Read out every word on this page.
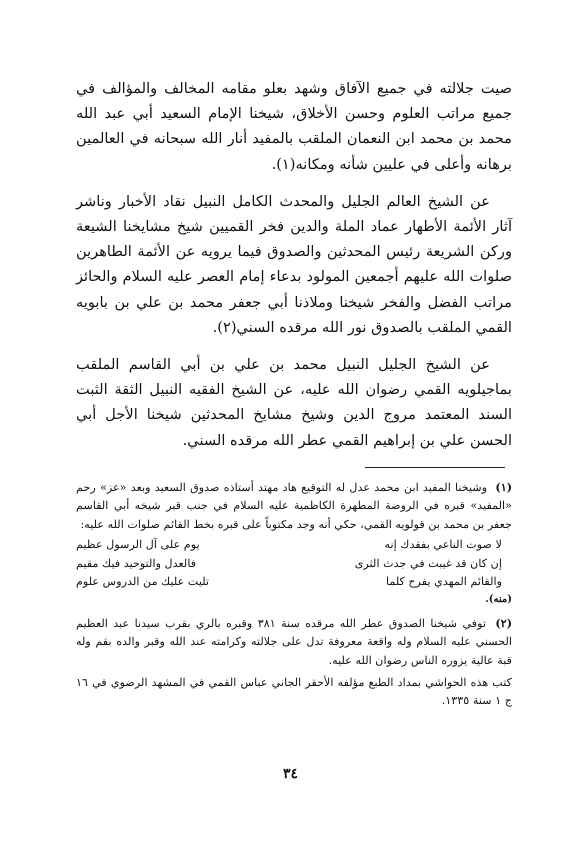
صيت جلالته في جميع الآفاق وشهد بعلو مقامه المخالف والمؤالف في جميع مراتب العلوم وحسن الأخلاق، شيخنا الإمام السعيد أبي عبد الله محمد بن محمد ابن النعمان الملقب بالمفيد أنار الله سبحانه في العالمين برهانه وأعلى في عليين شأنه ومكانه(١).

عن الشيخ العالم الجليل والمحدث الكامل النبيل نقاد الأخبار وناشر آثار الأئمة الأطهار عماد الملة والدين فخر القميين شيخ مشايخنا الشيعة وركن الشريعة رئيس المحدثين والصدوق فيما يرويه عن الأئمة الطاهرين صلوات الله عليهم أجمعين المولود بدعاء إمام العصر عليه السلام والحائز مراتب الفضل والفخر شيخنا وملاذنا أبي جعفر محمد بن علي بن بابويه القمي الملقب بالصدوق نور الله مرقده السني(٢).

عن الشيخ الجليل النبيل محمد بن علي بن أبي القاسم الملقب بماجيلويه القمي رضوان الله عليه، عن الشيخ الفقيه النبيل الثقة الثبت السند المعتمد مروج الدين وشيخ مشايخ المحدثين شيخنا الأجل أبي الحسن علي بن إبراهيم القمي عطر الله مرقده السني.

(١) وشيخنا المفيد ابن محمد عدل له التوقيع هاد مهتد أستاذه صدوق السعيد وبعد «عز» رحم «المفيد» قبره في الروضة المطهرة الكاظمية عليه السلام في جنب قبر شيخه أبي القاسم جعفر بن محمد بن قولويه القمي، حكي أنه وجد مكتوباً على قبره بخط القائم صلوات الله عليه:
لا صوت الناعي بفقدك إنه
يوم على آل الرسول عظيم
إن كان قد غيبت في جدث الثرى
فالعدل والتوحيد فيك مقيم
والقائم المهدي يفرح كلما
تليت عليك من الدروس علوم
(منه).
(٢) توفي شيخنا الصدوق عطر الله مرقده سنة ٣٨١ وقبره بالري بقرب سيدنا عبد العظيم الحسني عليه السلام وله واقعة معروفة تدل على جلالته وكرامته عند الله وقبر والده بقم وله قبة عالية يزوره الناس رضوان الله عليه.
كتب هذه الحواشي بمداد الطبع مؤلفه الأحقر الجاني عباس القمي في المشهد الرضوي في ١٦ ج ١ سنة ١٣٣٥.
٣٤
